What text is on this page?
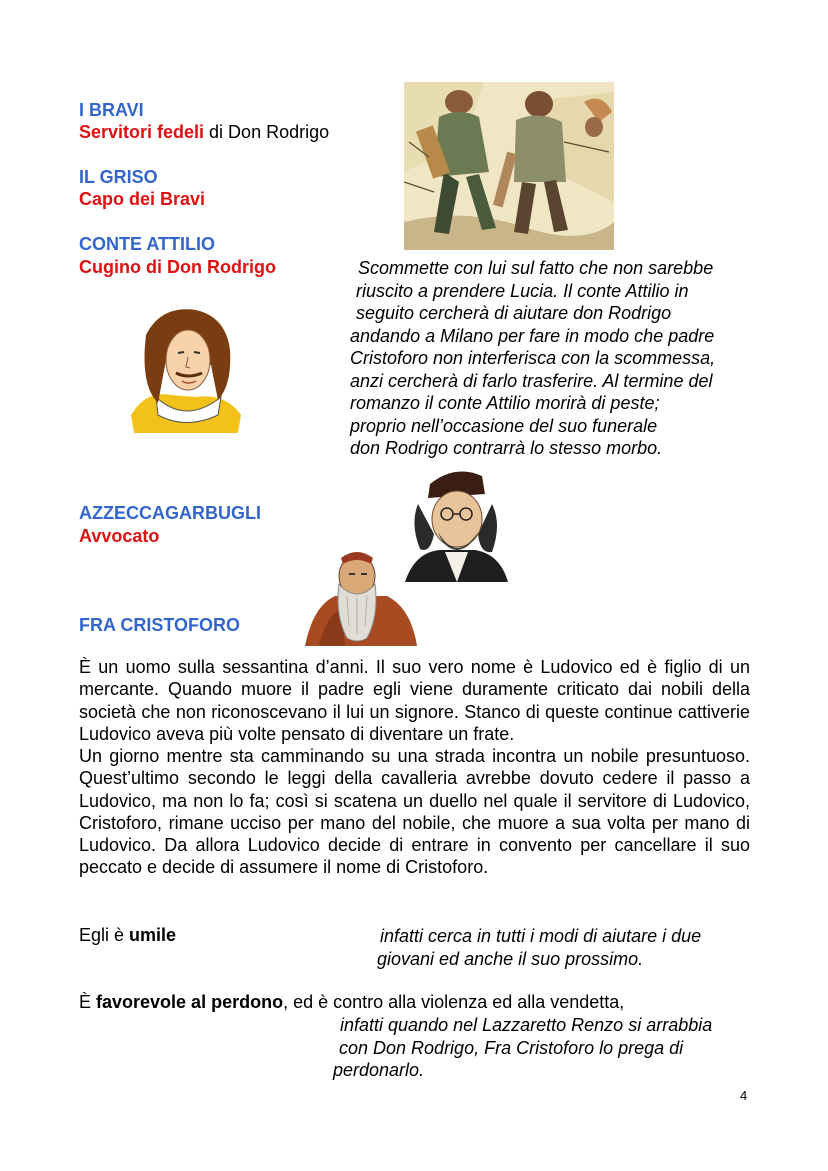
I BRAVI
Servitori fedeli di Don Rodrigo
IL GRISO
Capo dei Bravi
CONTE ATTILIO
Cugino di Don Rodrigo	Scommette con lui sul fatto che non sarebbe
riuscito a prendere Lucia. Il conte Attilio in
seguito cercherà di aiutare don Rodrigo
andando a Milano per fare in modo che padre
Cristoforo non interferisca con la scommessa,
anzi cercherà di farlo trasferire. Al termine del
romanzo il conte Attilio morirà di peste;
proprio nell’occasione del suo funerale
don Rodrigo contrarrà lo stesso morbo.
AZZECCAGARBUGLI
Avvocato
FRA CRISTOFORO
È un uomo sulla sessantina d’anni. Il suo vero nome è Ludovico ed è figlio di un mercante. Quando muore il padre egli viene duramente criticato dai nobili della società che non riconoscevano il lui un signore. Stanco di queste continue cattiverie Ludovico aveva più volte pensato di diventare un frate.
Un giorno mentre sta camminando su una strada incontra un nobile presuntuoso. Quest’ultimo secondo le leggi della cavalleria avrebbe dovuto cedere il passo a Ludovico, ma non lo fa; così si scatena un duello nel quale il servitore di Ludovico, Cristoforo, rimane ucciso per mano del nobile, che muore a sua volta per mano di Ludovico. Da allora Ludovico decide di entrare in convento per cancellare il suo peccato e decide di assumere il nome di Cristoforo.
Egli è umile	infatti cerca in tutti i modi di aiutare i due
giovani ed anche il suo prossimo.
È favorevole al perdono, ed è contro alla violenza ed alla vendetta,
infatti quando nel Lazzaretto Renzo si arrabbia
con Don Rodrigo, Fra Cristoforo lo prega di
perdonarlo.
4
